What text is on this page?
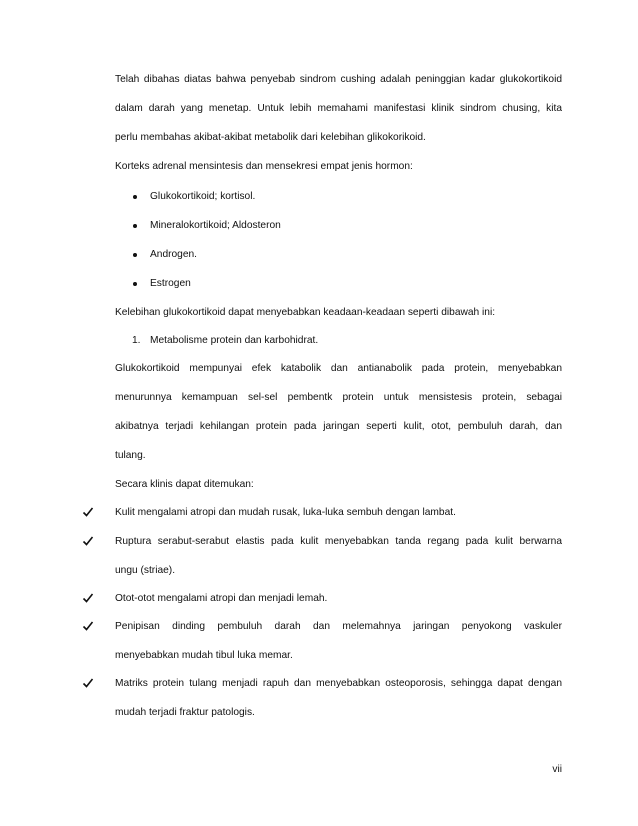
Telah dibahas diatas bahwa penyebab sindrom cushing adalah peninggian kadar glukokortikoid
dalam darah yang menetap. Untuk lebih memahami manifestasi klinik sindrom chusing, kita
perlu membahas akibat-akibat metabolik dari kelebihan glikokorikoid.
Korteks adrenal mensintesis dan mensekresi empat jenis hormon:
Glukokortikoid; kortisol.
Mineralokortikoid; Aldosteron
Androgen.
Estrogen
Kelebihan glukokortikoid dapat menyebabkan keadaan-keadaan seperti dibawah ini:
1. Metabolisme protein dan karbohidrat.
Glukokortikoid mempunyai efek katabolik dan antianabolik pada protein, menyebabkan
menurunnya kemampuan sel-sel pembentk protein untuk mensistesis protein, sebagai
akibatnya terjadi kehilangan protein pada jaringan seperti kulit, otot, pembuluh darah, dan
tulang.
Secara klinis dapat ditemukan:
Kulit mengalami atropi dan mudah rusak, luka-luka sembuh dengan lambat.
Ruptura serabut-serabut elastis pada kulit menyebabkan tanda regang pada kulit berwarna
ungu (striae).
Otot-otot mengalami atropi dan menjadi lemah.
Penipisan dinding pembuluh darah dan melemahnya jaringan penyokong vaskuler
menyebabkan mudah tibul luka memar.
Matriks protein tulang menjadi rapuh dan menyebabkan osteoporosis, sehingga dapat dengan
mudah terjadi fraktur patologis.
vii
